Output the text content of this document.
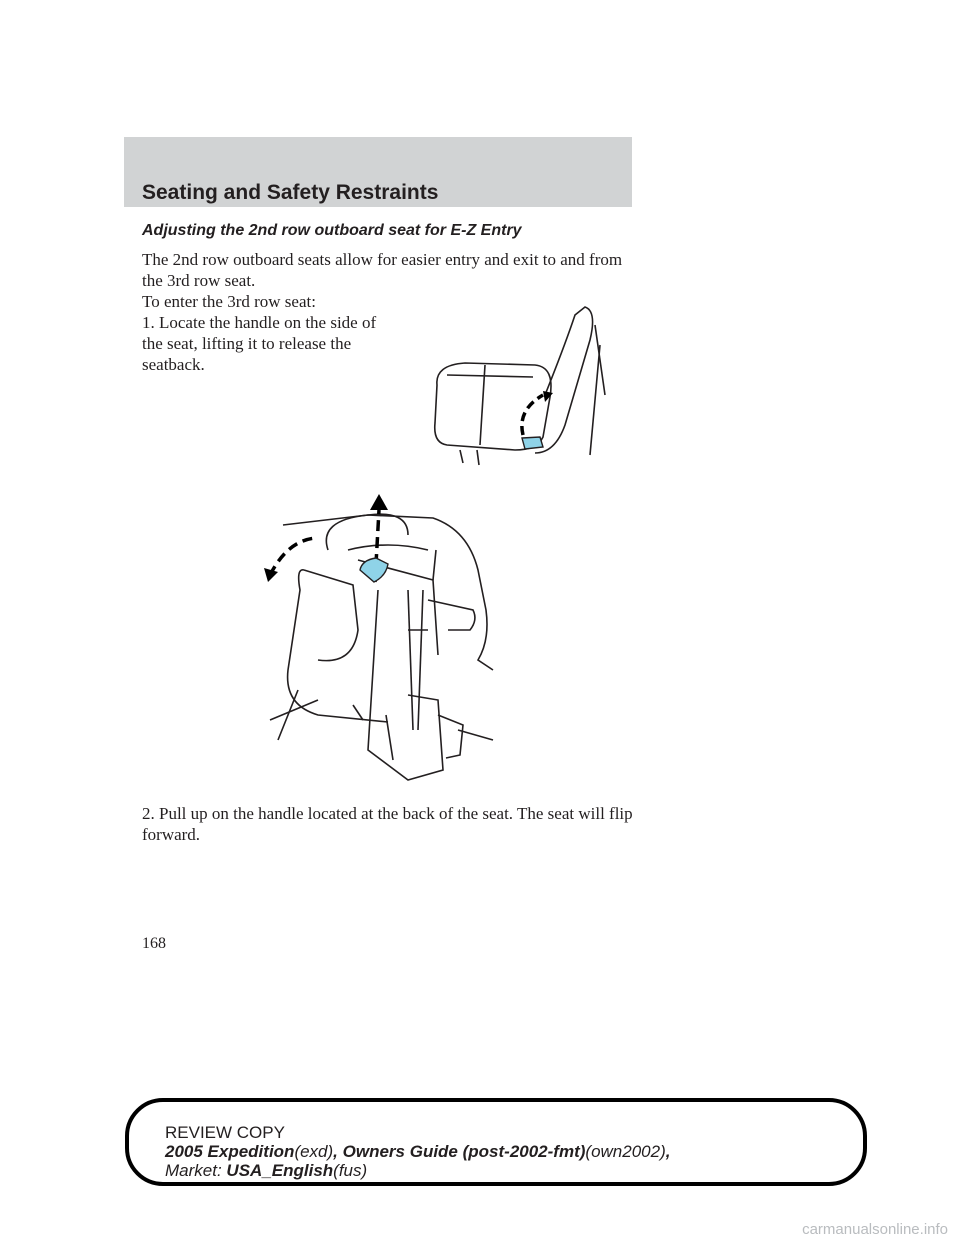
Seating and Safety Restraints
Adjusting the 2nd row outboard seat for E-Z Entry

The 2nd row outboard seats allow for easier entry and exit to and from the 3rd row seat.

To enter the 3rd row seat:

1. Locate the handle on the side of the seat, lifting it to release the seatback.

2. Pull up on the handle located at the back of the seat. The seat will flip forward.

168
REVIEW COPY
2005 Expedition(exd), Owners Guide (post-2002-fmt)(own2002),
Market: USA_English(fus)
carmanualsonline.info
